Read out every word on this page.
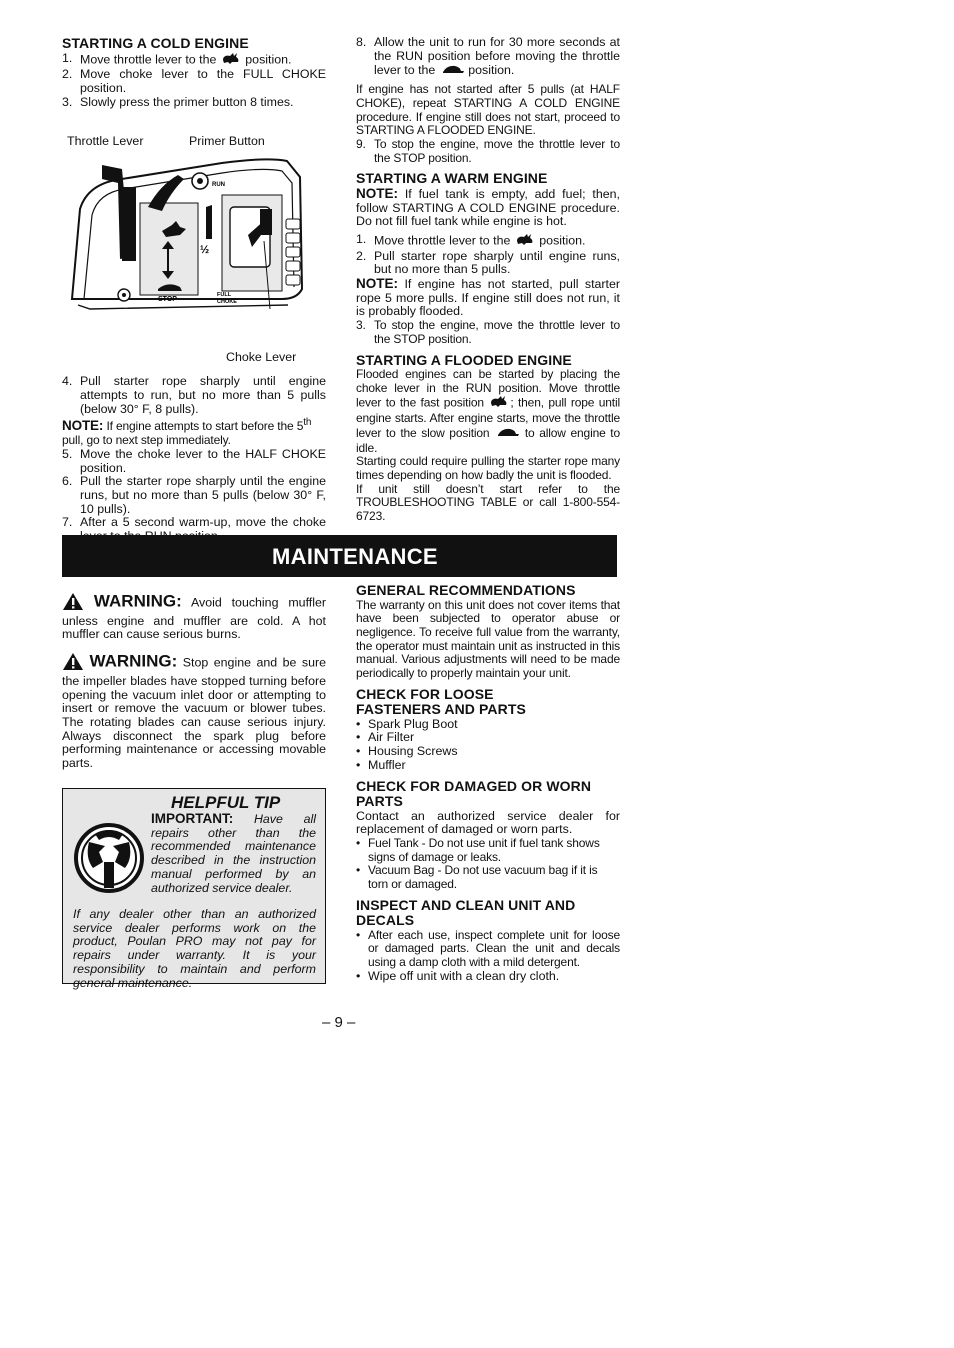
STARTING A COLD ENGINE
1. Move throttle lever to the position.
2. Move choke lever to the FULL CHOKE position.
3. Slowly press the primer button 8 times.
Throttle Lever	Primer Button
RUN
STOP
½
FULL
CHOKE
Choke Lever
4. Pull starter rope sharply until engine attempts to run, but no more than 5 pulls (below 30° F, 8 pulls).

NOTE: If engine attempts to start before the 5th pull, go to next step immediately.

5. Move the choke lever to the HALF CHOKE position.
6. Pull the starter rope sharply until the engine runs, but no more than 5 pulls (below 30° F, 10 pulls).
7. After a 5 second warm-up, move the choke
8. Allow the unit to run for 30 more seconds at the RUN position before moving the throttle lever to the	position.

If engine has not started after 5 pulls (at HALF CHOKE), repeat STARTING A COLD ENGINE procedure. If engine still does not start, proceed to STARTING A FLOODED ENGINE.

9. To stop the engine, move the throttle lever to the STOP position.
STARTING A WARM ENGINE

NOTE: If fuel tank is empty, add fuel; then, follow STARTING A COLD ENGINE procedure. Do not fill fuel tank while engine is hot.

1. Move throttle lever to the position.
2. Pull starter rope sharply until engine runs, but no more than 5 pulls.

NOTE: If engine has not started, pull starter rope 5 more pulls. If engine still does not run, it is probably flooded.

3. To stop the engine, move the throttle lever to the STOP position.
STARTING A FLOODED ENGINE

Flooded engines can be started by placing the choke lever in the RUN position. Move throttle lever to the fast position ; then, pull rope until engine starts. After engine starts, move the throttle lever to the slow position	to allow engine to idle.

Starting could require pulling the starter rope many times depending on how badly the unit is flooded.

If unit still doesn’t start refer to the TROUBLESHOOTING TABLE or call 1-800-554-6723.

MAINTENANCE

WARNING: Avoid touching muffler unless engine and muffler are cold. A hot muffler can cause serious burns.

WARNING: Stop engine and be sure the impeller blades have stopped turning before opening the vacuum inlet door or attempting to insert or remove the vacuum or blower tubes. The rotating blades can cause serious injury. Always disconnect the spark plug before performing maintenance or accessing movable parts.

HELPFUL TIP

IMPORTANT: Have all repairs other than the recommended maintenance described in the instruction manual performed by an authorized service dealer.

If any dealer other than an authorized service dealer performs work on the product, Poulan PRO may not pay for repairs under warranty. It is your responsibility to maintain and perform general maintenance.

GENERAL RECOMMENDATIONS

The warranty on this unit does not cover items that have been subjected to operator abuse or negligence. To receive full value from the warranty, the operator must maintain unit as instructed in this manual. Various adjustments will need to be made periodically to properly maintain your unit.

CHECK FOR LOOSE
FASTENERS AND PARTS
• Spark Plug Boot
• Air Filter
• Housing Screws
• Muffler
CHECK FOR DAMAGED OR WORN
PARTS

Contact an authorized service dealer for replacement of damaged or worn parts.

• Fuel Tank - Do not use unit if fuel tank shows signs of damage or leaks.
• Vacuum Bag - Do not use vacuum bag if it is torn or damaged.
INSPECT AND CLEAN UNIT AND
DECALS
• After each use, inspect complete unit for loose or damaged parts. Clean the unit and decals using a damp cloth with a mild detergent.
• Wipe off unit with a clean dry cloth.
– 9 –
